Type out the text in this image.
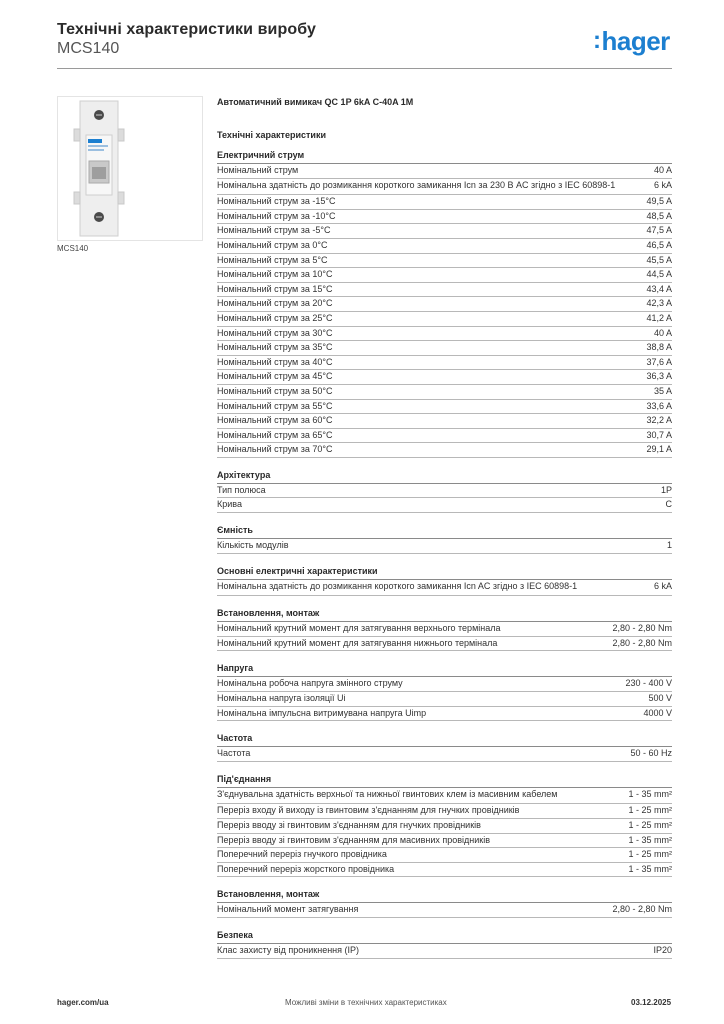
Технічні характеристики виробу
MCS140	:hager
MCS140
Автоматичний вимикач QC 1P 6kA C-40A 1M
Технічні характеристики
Електричний струм
Номінальний струм	40 A
Номінальна здатність до розмикання короткого замикання Icn за 230 В AC згідно з IEC 60898-1	6 kA
Номінальний струм за -15°C	49,5 A
Номінальний струм за -10°C	48,5 A
Номінальний струм за -5°C	47,5 A
Номінальний струм за 0°C	46,5 A
Номінальний струм за 5°C	45,5 A
Номінальний струм за 10°C	44,5 A
Номінальний струм за 15°C	43,4 A
Номінальний струм за 20°C	42,3 A
Номінальний струм за 25°C	41,2 A
Номінальний струм за 30°C	40 A
Номінальний струм за 35°C	38,8 A
Номінальний струм за 40°C	37,6 A
Номінальний струм за 45°C	36,3 A
Номінальний струм за 50°C	35 A
Номінальний струм за 55°C	33,6 A
Номінальний струм за 60°C	32,2 A
Номінальний струм за 65°C	30,7 A
Номінальний струм за 70°C	29,1 A
Архітектура
Тип полюса	1P
Крива	C
Ємність
Кількість модулів	1
Основні електричні характеристики
Номінальна здатність до розмикання короткого замикання Icn AC згідно з IEC 60898-1	6 kA
Встановлення, монтаж
Номінальний крутний момент для затягування верхнього термінала	2,80 - 2,80 Nm
Номінальний крутний момент для затягування нижнього термінала	2,80 - 2,80 Nm
Напруга
Номінальна робоча напруга змінного струму	230 - 400 V
Номінальна напруга ізоляції Ui	500 V
Номінальна імпульсна витримувана напруга Uimp	4000 V
Частота
Частота	50 - 60 Hz
Під'єднання
З'єднувальна здатність верхньої та нижньої гвинтових клем із масивним кабелем	1 - 35 mm²
Переріз входу й виходу із гвинтовим з'єднанням для гнучких провідників	1 - 25 mm²
Переріз вводу зі гвинтовим з'єднанням для гнучких провідників	1 - 25 mm²
Переріз вводу зі гвинтовим з'єднанням для масивних провідників	1 - 35 mm²
Поперечний переріз гнучкого провідника	1 - 25 mm²
Поперечний переріз жорсткого провідника	1 - 35 mm²
Встановлення, монтаж
Номінальний момент затягування	2,80 - 2,80 Nm
Безпека
Клас захисту від проникнення (IP)	IP20
hager.com/ua	Можливі зміни в технічних характеристиках	03.12.2025
